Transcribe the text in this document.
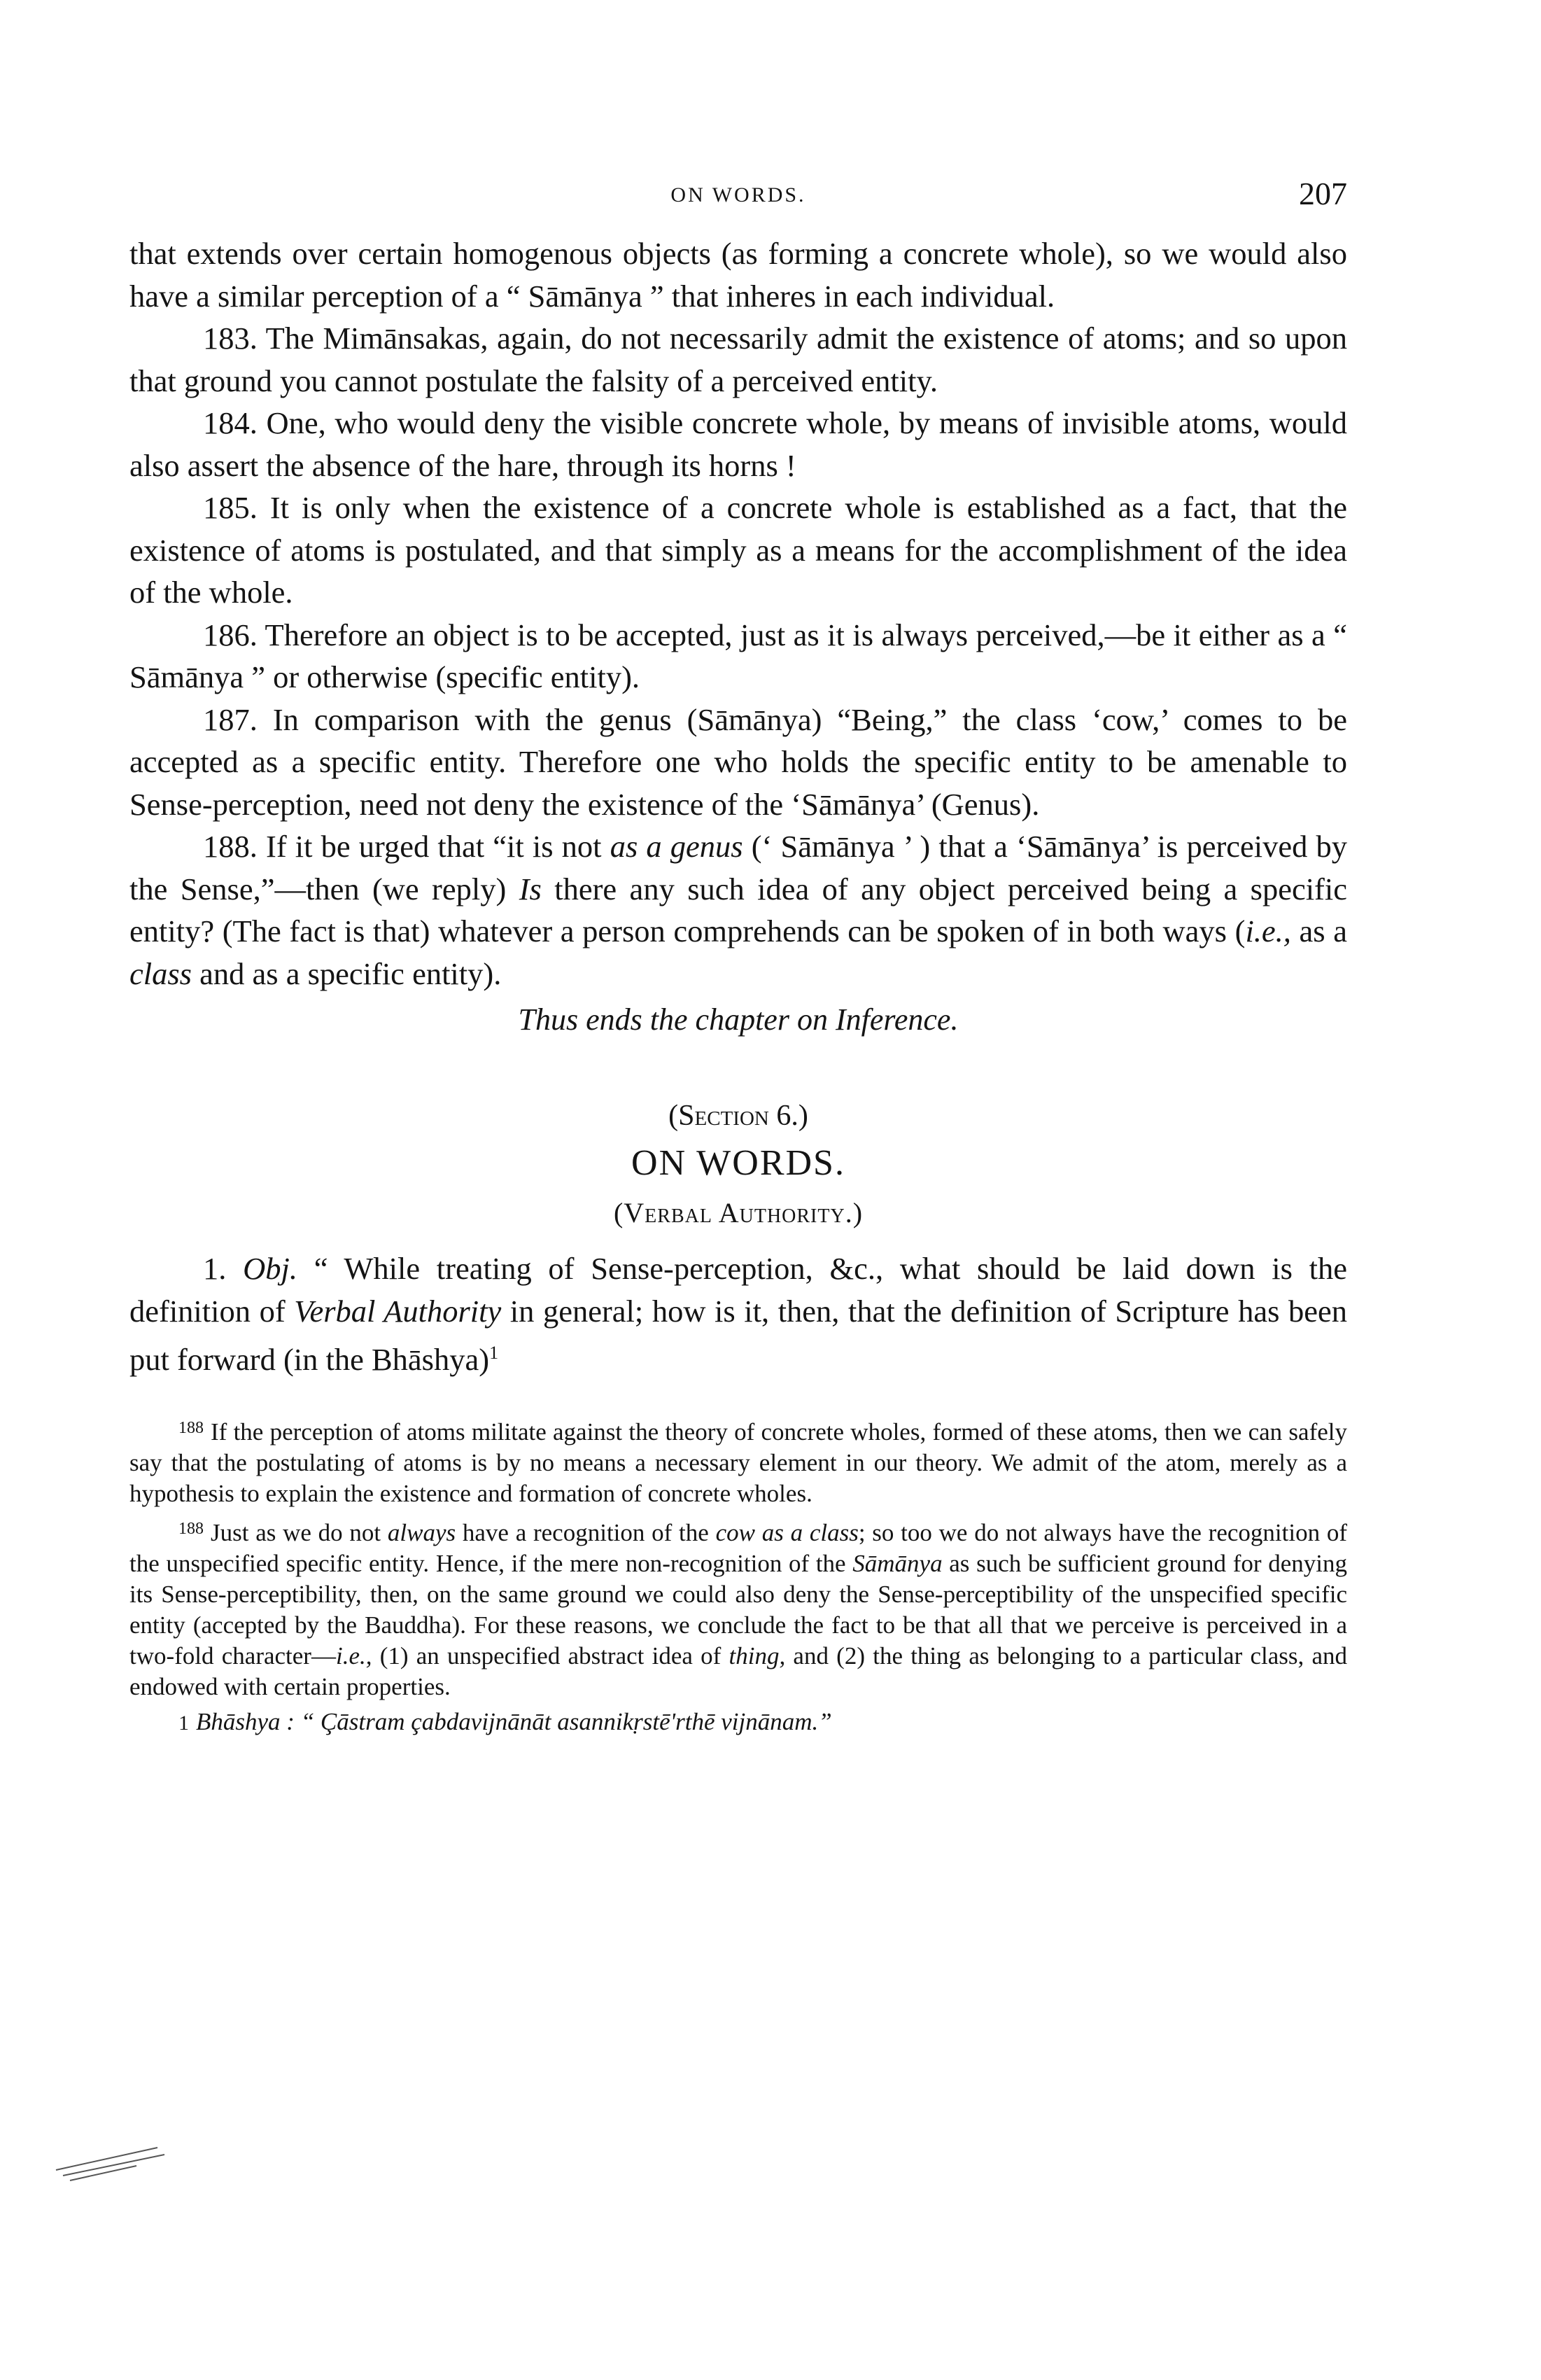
ON WORDS.	207

that extends over certain homogenous objects (as forming a concrete whole), so we would also have a similar perception of a “ Sāmānya ” that inheres in each individual.

183. The Mimānsakas, again, do not necessarily admit the existence of atoms; and so upon that ground you cannot postulate the falsity of a perceived entity.

184. One, who would deny the visible concrete whole, by means of invisible atoms, would also assert the absence of the hare, through its horns !

185. It is only when the existence of a concrete whole is established as a fact, that the existence of atoms is postulated, and that simply as a means for the accomplishment of the idea of the whole.

186. Therefore an object is to be accepted, just as it is always perceived,—be it either as a “ Sāmānya ” or otherwise (specific entity).

187. In comparison with the genus (Sāmānya) “Being,” the class ‘cow,’ comes to be accepted as a specific entity. Therefore one who holds the specific entity to be amenable to Sense-perception, need not deny the existence of the ‘Sāmānya’ (Genus).

188. If it be urged that “it is not as a genus (‘ Sāmānya ’ ) that a ‘Sāmānya’ is perceived by the Sense,”—then (we reply) Is there any such idea of any object perceived being a specific entity? (The fact is that) whatever a person comprehends can be spoken of in both ways (i.e., as a class and as a specific entity).

Thus ends the chapter on Inference.
(Section 6.)
ON WORDS.
(Verbal Authority.)

1. Obj. “ While treating of Sense-perception, &c., what should be laid down is the definition of Verbal Authority in general; how is it, then, that the definition of Scripture has been put forward (in the Bhāshya)$^1$

$^{188}$ If the perception of atoms militate against the theory of concrete wholes, formed of these atoms, then we can safely say that the postulating of atoms is by no means a necessary element in our theory. We admit of the atom, merely as a hypothesis to explain the existence and formation of concrete wholes.

$^{188}$ Just as we do not always have a recognition of the cow as a class; so too we do not always have the recognition of the unspecified specific entity. Hence, if the mere non-recognition of the Sāmānya as such be sufficient ground for denying its Sense-perceptibility, then, on the same ground we could also deny the Sense-perceptibility of the unspecified specific entity (accepted by the Bauddha). For these reasons, we conclude the fact to be that all that we perceive is perceived in a two-fold character—i.e., (1) an unspecified abstract idea of thing, and (2) the thing as belonging to a particular class, and endowed with certain properties.

1 Bhāshya : “ Çāstram çabdavijnānāt asannikṛstē'rthē vijnānam.”
